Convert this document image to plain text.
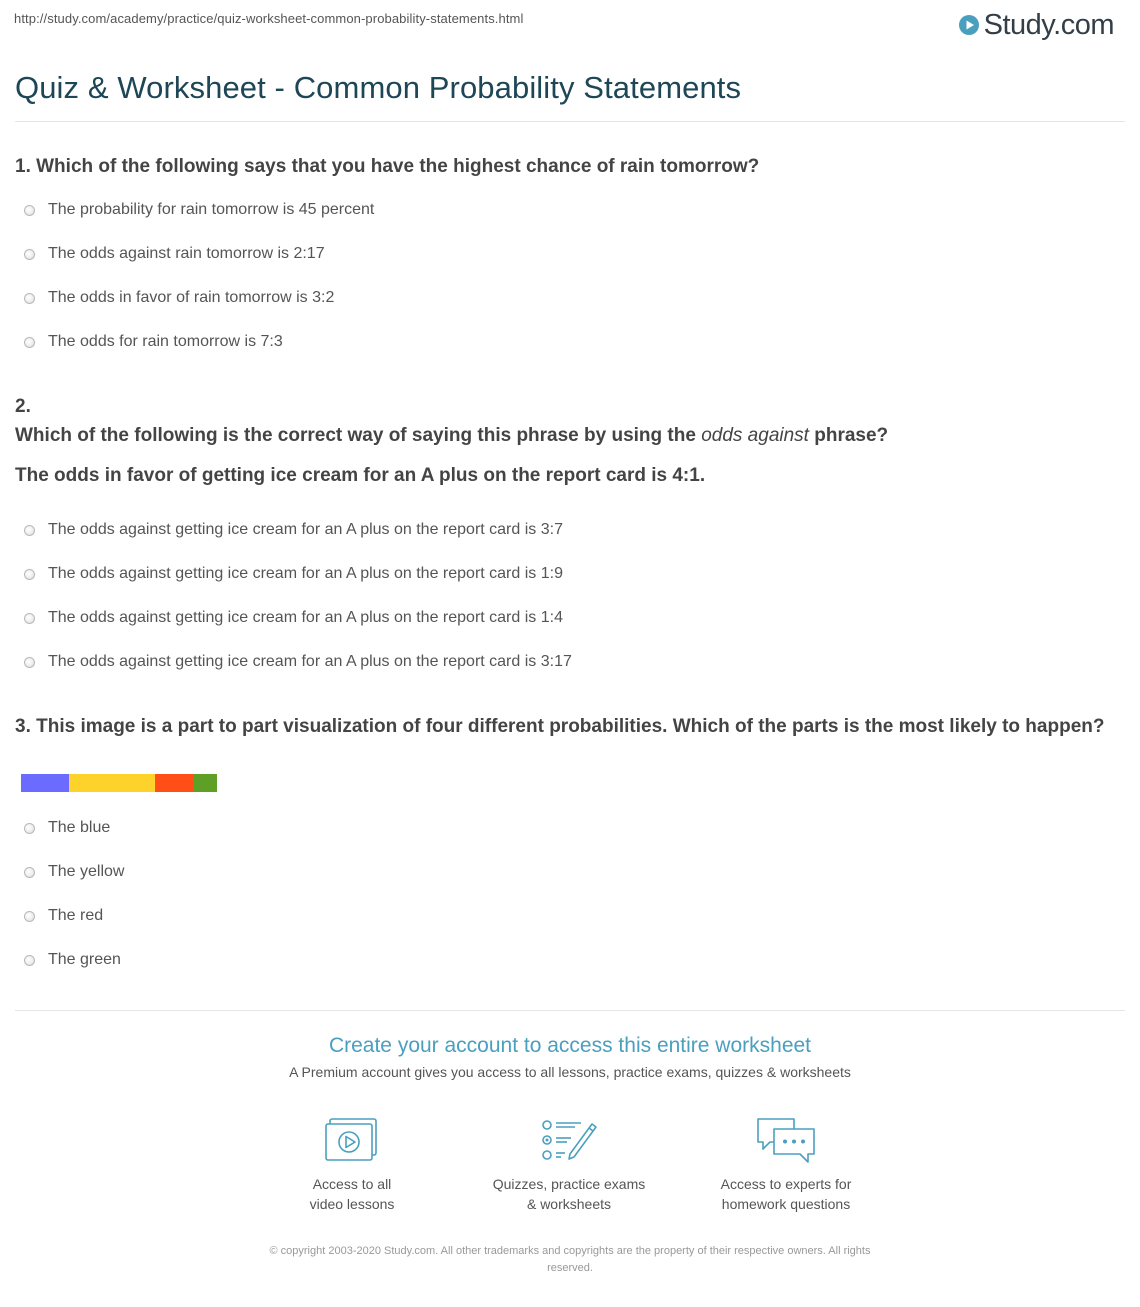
http://study.com/academy/practice/quiz-worksheet-common-probability-statements.html	Study.com
Quiz & Worksheet - Common Probability Statements
1. Which of the following says that you have the highest chance of rain tomorrow?
The probability for rain tomorrow is 45 percent
The odds against rain tomorrow is 2:17
The odds in favor of rain tomorrow is 3:2
The odds for rain tomorrow is 7:3
2.
Which of the following is the correct way of saying this phrase by using the odds against phrase?
The odds in favor of getting ice cream for an A plus on the report card is 4:1.
The odds against getting ice cream for an A plus on the report card is 3:7
The odds against getting ice cream for an A plus on the report card is 1:9
The odds against getting ice cream for an A plus on the report card is 1:4
The odds against getting ice cream for an A plus on the report card is 3:17
3. This image is a part to part visualization of four different probabilities. Which of the parts is the most likely to happen?
The blue
The yellow
The red
The green
Create your account to access this entire worksheet
A Premium account gives you access to all lessons, practice exams, quizzes & worksheets
Access to all
video lessons
Quizzes, practice exams
& worksheets
Access to experts for
homework questions
© copyright 2003-2020 Study.com. All other trademarks and copyrights are the property of their respective owners. All rights
reserved.
